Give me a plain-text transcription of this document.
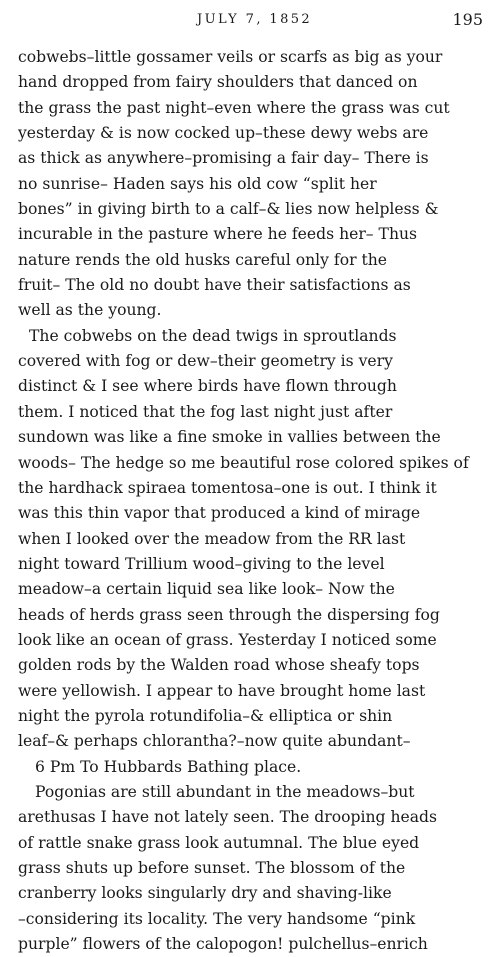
JULY 7, 1852	195
cobwebs–little gossamer veils or scarfs as big as your
hand dropped from fairy shoulders that danced on
the grass the past night–even where the grass was cut
yesterday & is now cocked up–these dewy webs are
as thick as anywhere–promising a fair day– There is
no sunrise– Haden says his old cow “split her
bones” in giving birth to a calf–& lies now helpless &
incurable in the pasture where he feeds her– Thus
nature rends the old husks careful only for the
fruit– The old no doubt have their satisfactions as
well as the young.
The cobwebs on the dead twigs in sproutlands
covered with fog or dew–their geometry is very
distinct & I see where birds have flown through
them. I noticed that the fog last night just after
sundown was like a fine smoke in vallies between the
woods– The hedge so me beautiful rose colored spikes of
the hardhack spiraea tomentosa–one is out. I think it
was this thin vapor that produced a kind of mirage
when I looked over the meadow from the RR last
night toward Trillium wood–giving to the level
meadow–a certain liquid sea like look– Now the
heads of herds grass seen through the dispersing fog
look like an ocean of grass. Yesterday I noticed some
golden rods by the Walden road whose sheafy tops
were yellowish. I appear to have brought home last
night the pyrola rotundifolia–& elliptica or shin
leaf–& perhaps chlorantha?–now quite abundant–
6 Pm To Hubbards Bathing place.
Pogonias are still abundant in the meadows–but
arethusas I have not lately seen. The drooping heads
of rattle snake grass look autumnal. The blue eyed
grass shuts up before sunset. The blossom of the
cranberry looks singularly dry and shaving-like
–considering its locality. The very handsome “pink
purple” flowers of the calopogon! pulchellus–enrich
